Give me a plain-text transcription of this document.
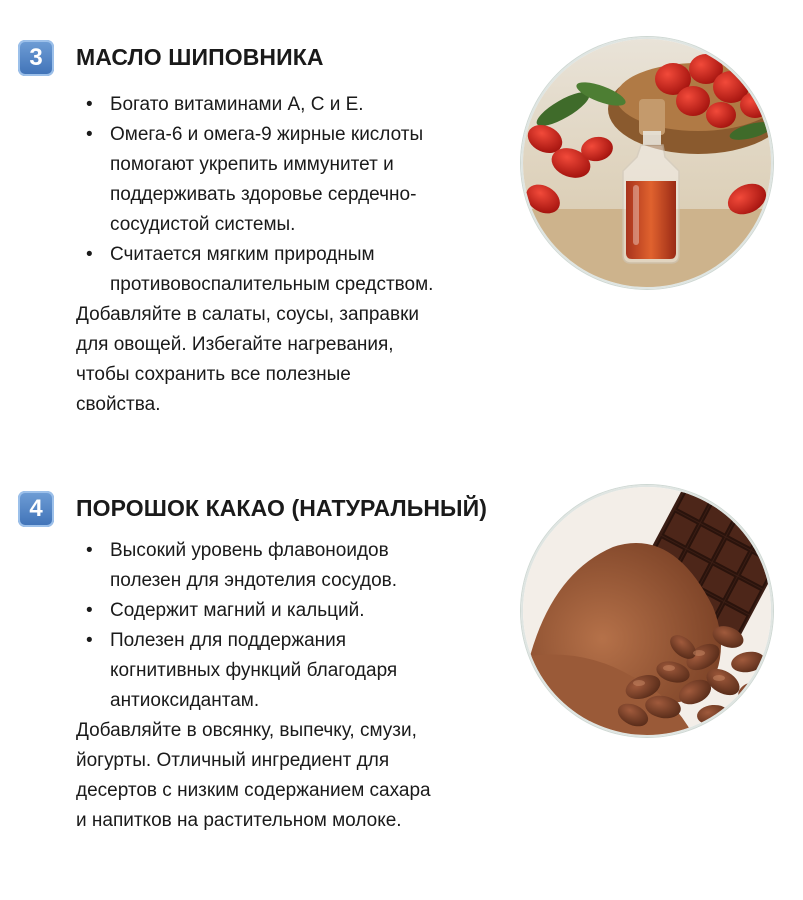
3 МАСЛО ШИПОВНИКА
• Богато витаминами A, C и E.
• Омега-6 и омега-9 жирные кислоты
помогают укрепить иммунитет и
поддерживать здоровье сердечно-
сосудистой системы.
• Считается мягким природным
противовоспалительным средством.

Добавляйте в салаты, соусы, заправки
для овощей. Избегайте нагревания,
чтобы сохранить все полезные
свойства.

4 ПОРОШОК КАКАО (НАТУРАЛЬНЫЙ)
• Высокий уровень флавоноидов
полезен для эндотелия сосудов.
• Содержит магний и кальций.
• Полезен для поддержания
когнитивных функций благодаря
антиоксидантам.

Добавляйте в овсянку, выпечку, смузи,
йогурты. Отличный ингредиент для
десертов с низким содержанием сахара
и напитков на растительном молоке.
